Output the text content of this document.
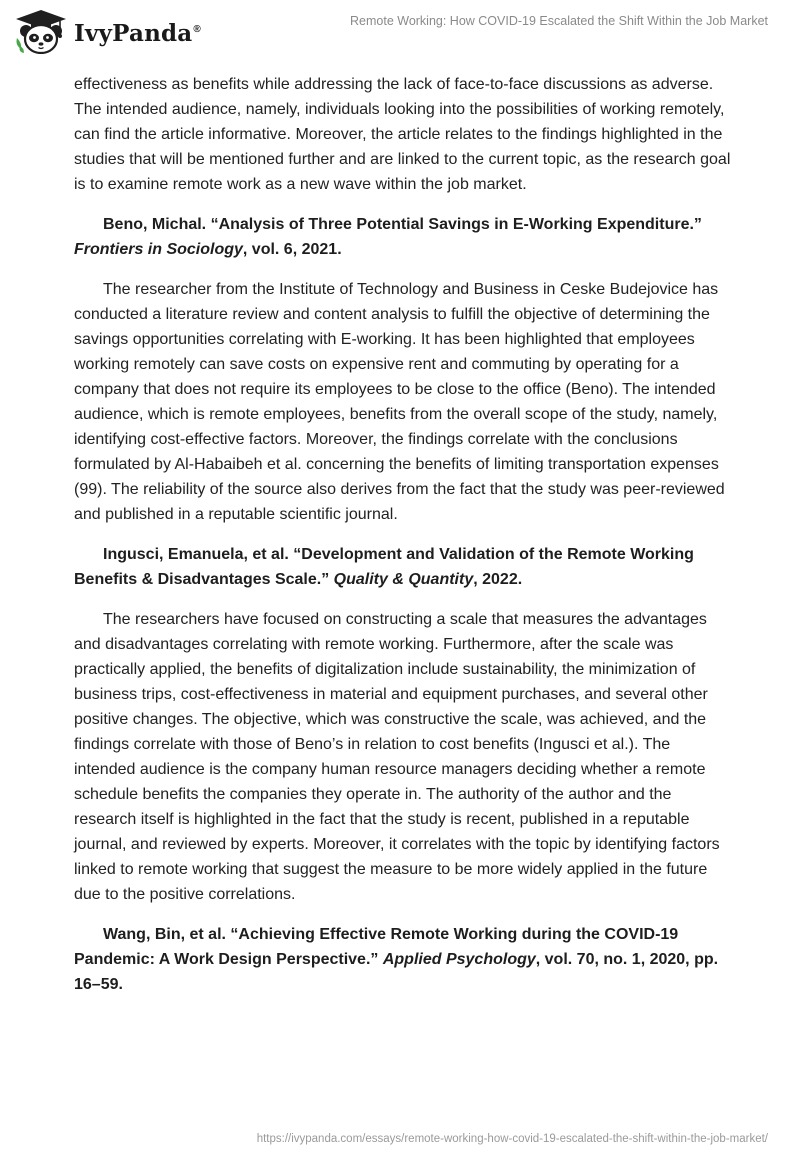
IvyPanda®
Remote Working: How COVID-19 Escalated the Shift Within the Job Market

effectiveness as benefits while addressing the lack of face-to-face discussions as adverse. The intended audience, namely, individuals looking into the possibilities of working remotely, can find the article informative. Moreover, the article relates to the findings highlighted in the studies that will be mentioned further and are linked to the current topic, as the research goal is to examine remote work as a new wave within the job market.

Beno, Michal. “Analysis of Three Potential Savings in E-Working Expenditure.” Frontiers in Sociology, vol. 6, 2021.

The researcher from the Institute of Technology and Business in Ceske Budejovice has conducted a literature review and content analysis to fulfill the objective of determining the savings opportunities correlating with E-working. It has been highlighted that employees working remotely can save costs on expensive rent and commuting by operating for a company that does not require its employees to be close to the office (Beno). The intended audience, which is remote employees, benefits from the overall scope of the study, namely, identifying cost-effective factors. Moreover, the findings correlate with the conclusions formulated by Al-Habaibeh et al. concerning the benefits of limiting transportation expenses (99). The reliability of the source also derives from the fact that the study was peer-reviewed and published in a reputable scientific journal.

Ingusci, Emanuela, et al. “Development and Validation of the Remote Working Benefits & Disadvantages Scale.” Quality & Quantity, 2022.

The researchers have focused on constructing a scale that measures the advantages and disadvantages correlating with remote working. Furthermore, after the scale was practically applied, the benefits of digitalization include sustainability, the minimization of business trips, cost-effectiveness in material and equipment purchases, and several other positive changes. The objective, which was constructive the scale, was achieved, and the findings correlate with those of Beno’s in relation to cost benefits (Ingusci et al.). The intended audience is the company human resource managers deciding whether a remote schedule benefits the companies they operate in. The authority of the author and the research itself is highlighted in the fact that the study is recent, published in a reputable journal, and reviewed by experts. Moreover, it correlates with the topic by identifying factors linked to remote working that suggest the measure to be more widely applied in the future due to the positive correlations.

Wang, Bin, et al. “Achieving Effective Remote Working during the COVID-19 Pandemic: A Work Design Perspective.” Applied Psychology, vol. 70, no. 1, 2020, pp. 16–59.

https://ivypanda.com/essays/remote-working-how-covid-19-escalated-the-shift-within-the-job-market/
